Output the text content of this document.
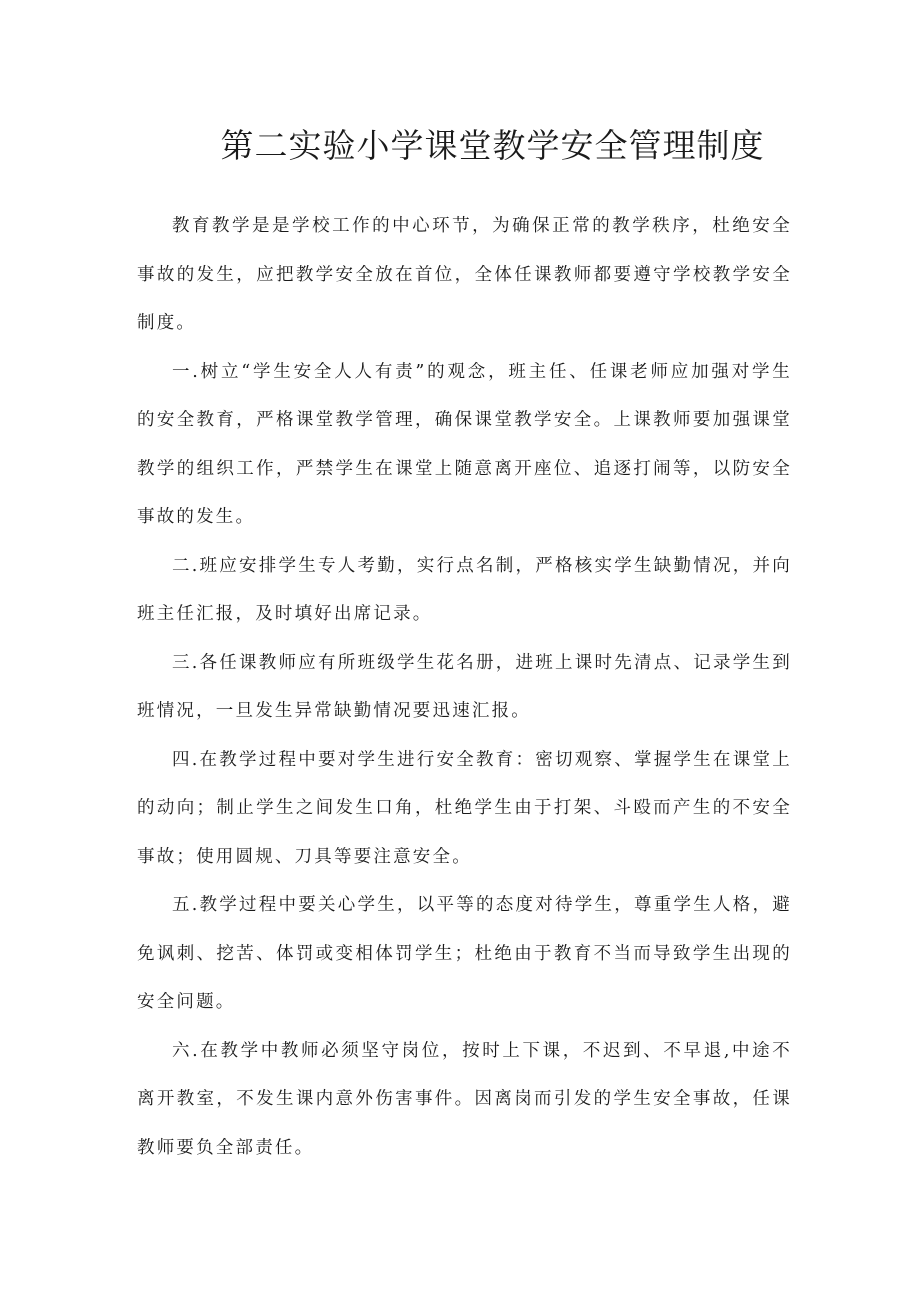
第二实验小学课堂教学安全管理制度

教育教学是是学校工作的中心环节，为确保正常的教学秩序，杜绝安全事故的发生，应把教学安全放在首位，全体任课教师都要遵守学校教学安全制度。

一.树立“学生安全人人有责”的观念，班主任、任课老师应加强对学生的安全教育，严格课堂教学管理，确保课堂教学安全。上课教师要加强课堂教学的组织工作，严禁学生在课堂上随意离开座位、追逐打闹等，以防安全事故的发生。

二.班应安排学生专人考勤，实行点名制，严格核实学生缺勤情况，并向班主任汇报，及时填好出席记录。

三.各任课教师应有所班级学生花名册，进班上课时先清点、记录学生到班情况，一旦发生异常缺勤情况要迅速汇报。

四.在教学过程中要对学生进行安全教育：密切观察、掌握学生在课堂上的动向；制止学生之间发生口角，杜绝学生由于打架、斗殴而产生的不安全事故；使用圆规、刀具等要注意安全。

五.教学过程中要关心学生，以平等的态度对待学生，尊重学生人格，避免讽刺、挖苦、体罚或变相体罚学生；杜绝由于教育不当而导致学生出现的安全问题。

六.在教学中教师必须坚守岗位，按时上下课，不迟到、不早退,中途不离开教室，不发生课内意外伤害事件。因离岗而引发的学生安全事故，任课教师要负全部责任。
